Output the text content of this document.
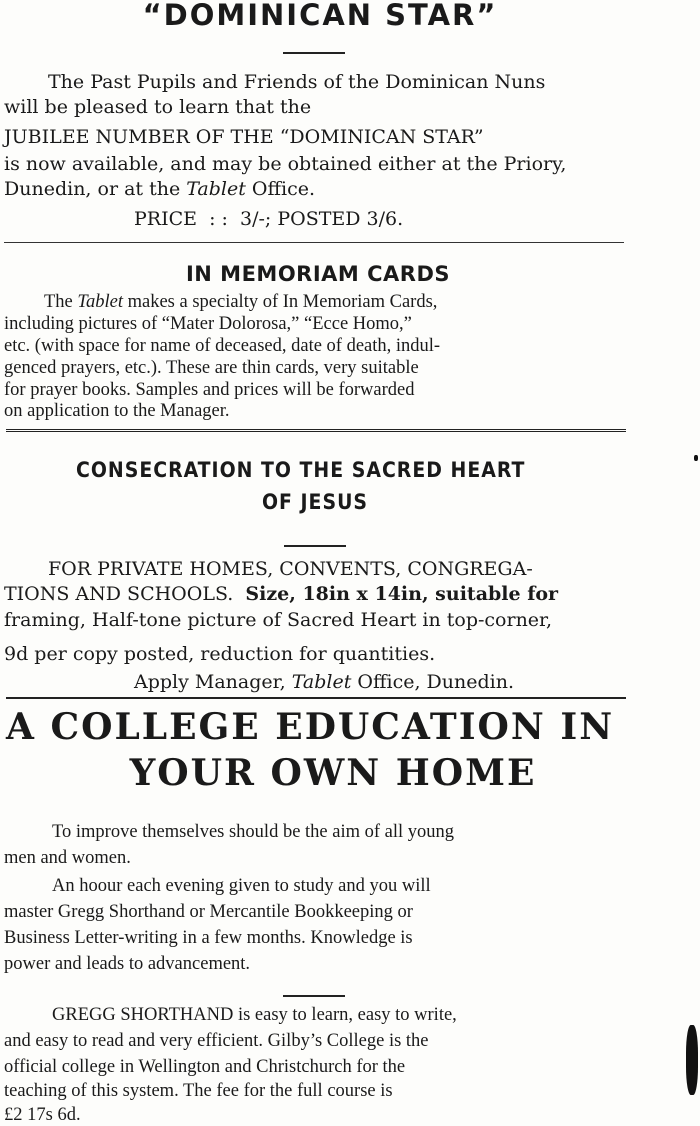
“DOMINICAN STAR”
The Past Pupils and Friends of the Dominican Nuns
will be pleased to learn that the
JUBILEE NUMBER OF THE “DOMINICAN STAR”
is now available, and may be obtained either at the Priory,
Dunedin, or at the Tablet Office.
PRICE  : :  3/-; POSTED 3/6.
IN MEMORIAM CARDS
The Tablet makes a specialty of In Memoriam Cards,
including pictures of “Mater Dolorosa,” “Ecce Homo,”
etc. (with space for name of deceased, date of death, indul-
genced prayers, etc.). These are thin cards, very suitable
for prayer books. Samples and prices will be forwarded
on application to the Manager.
CONSECRATION TO THE SACRED HEART
OF JESUS
FOR PRIVATE HOMES, CONVENTS, CONGREGA-
TIONS AND SCHOOLS.  Size, 18in x 14in, suitable for
framing, Half-tone picture of Sacred Heart in top-corner,
9d per copy posted, reduction for quantities.
Apply Manager, Tablet Office, Dunedin.
A COLLEGE EDUCATION IN
YOUR OWN HOME
To improve themselves should be the aim of all young
men and women.
An hoour each evening given to study and you will
master Gregg Shorthand or Mercantile Bookkeeping or
Business Letter-writing in a few months. Knowledge is
power and leads to advancement.
GREGG SHORTHAND is easy to learn, easy to write,
and easy to read and very efficient. Gilby’s College is the
official college in Wellington and Christchurch for the
teaching of this system. The fee for the full course is
£2 17s 6d.
